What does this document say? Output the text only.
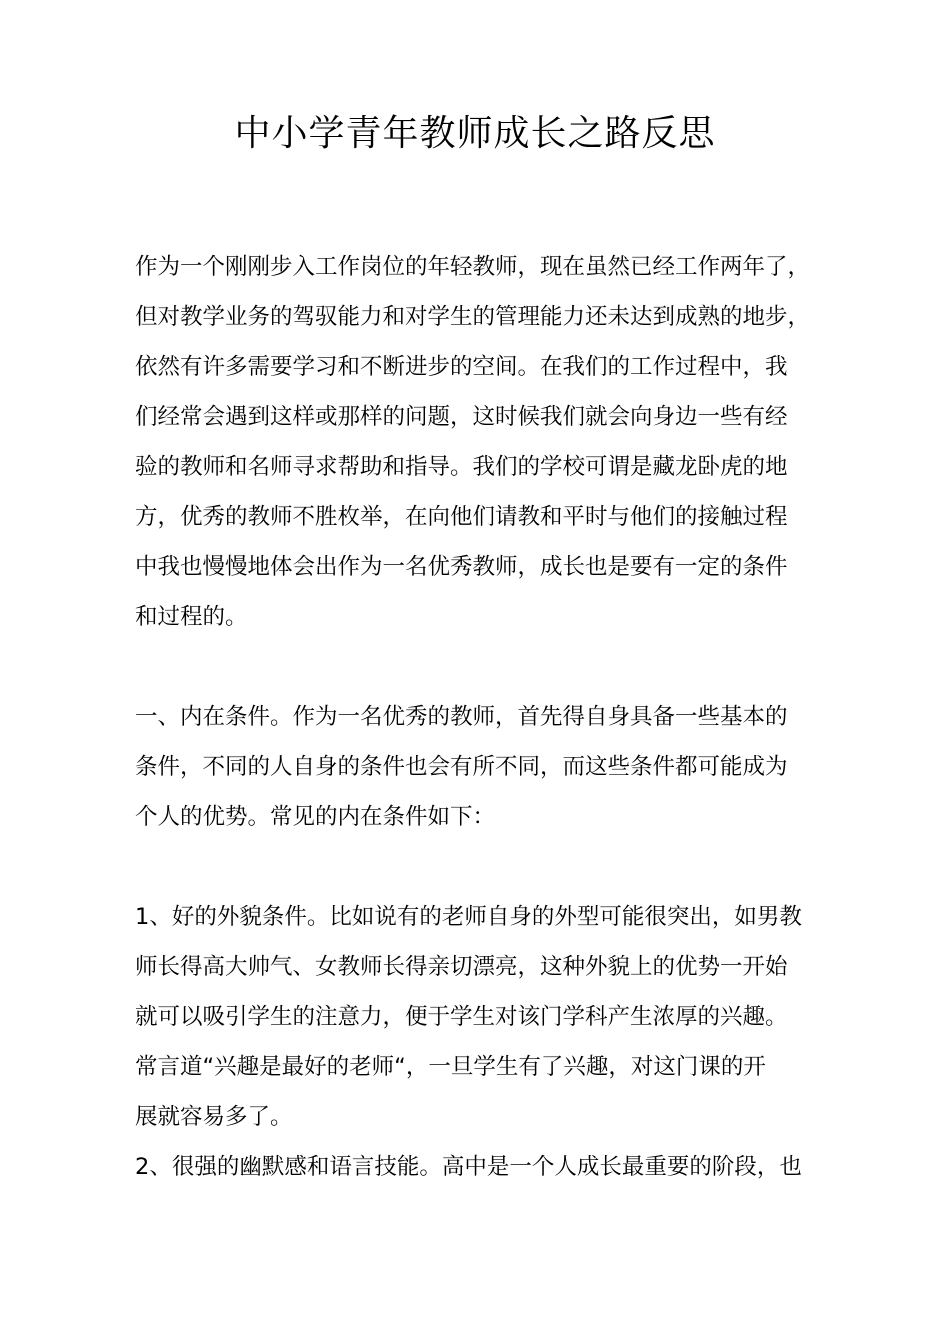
中小学青年教师成长之路反思

作为一个刚刚步入工作岗位的年轻教师，现在虽然已经工作两年了，
但对教学业务的驾驭能力和对学生的管理能力还未达到成熟的地步，
依然有许多需要学习和不断进步的空间。在我们的工作过程中，我
们经常会遇到这样或那样的问题，这时候我们就会向身边一些有经
验的教师和名师寻求帮助和指导。我们的学校可谓是藏龙卧虎的地
方，优秀的教师不胜枚举，在向他们请教和平时与他们的接触过程
中我也慢慢地体会出作为一名优秀教师，成长也是要有一定的条件
和过程的。

一、内在条件。作为一名优秀的教师，首先得自身具备一些基本的
条件，不同的人自身的条件也会有所不同，而这些条件都可能成为
个人的优势。常见的内在条件如下：

1、好的外貌条件。比如说有的老师自身的外型可能很突出，如男教
师长得高大帅气、女教师长得亲切漂亮，这种外貌上的优势一开始
就可以吸引学生的注意力，便于学生对该门学科产生浓厚的兴趣。
常言道“兴趣是最好的老师“，一旦学生有了兴趣，对这门课的开
展就容易多了。

2、很强的幽默感和语言技能。高中是一个人成长最重要的阶段，也
